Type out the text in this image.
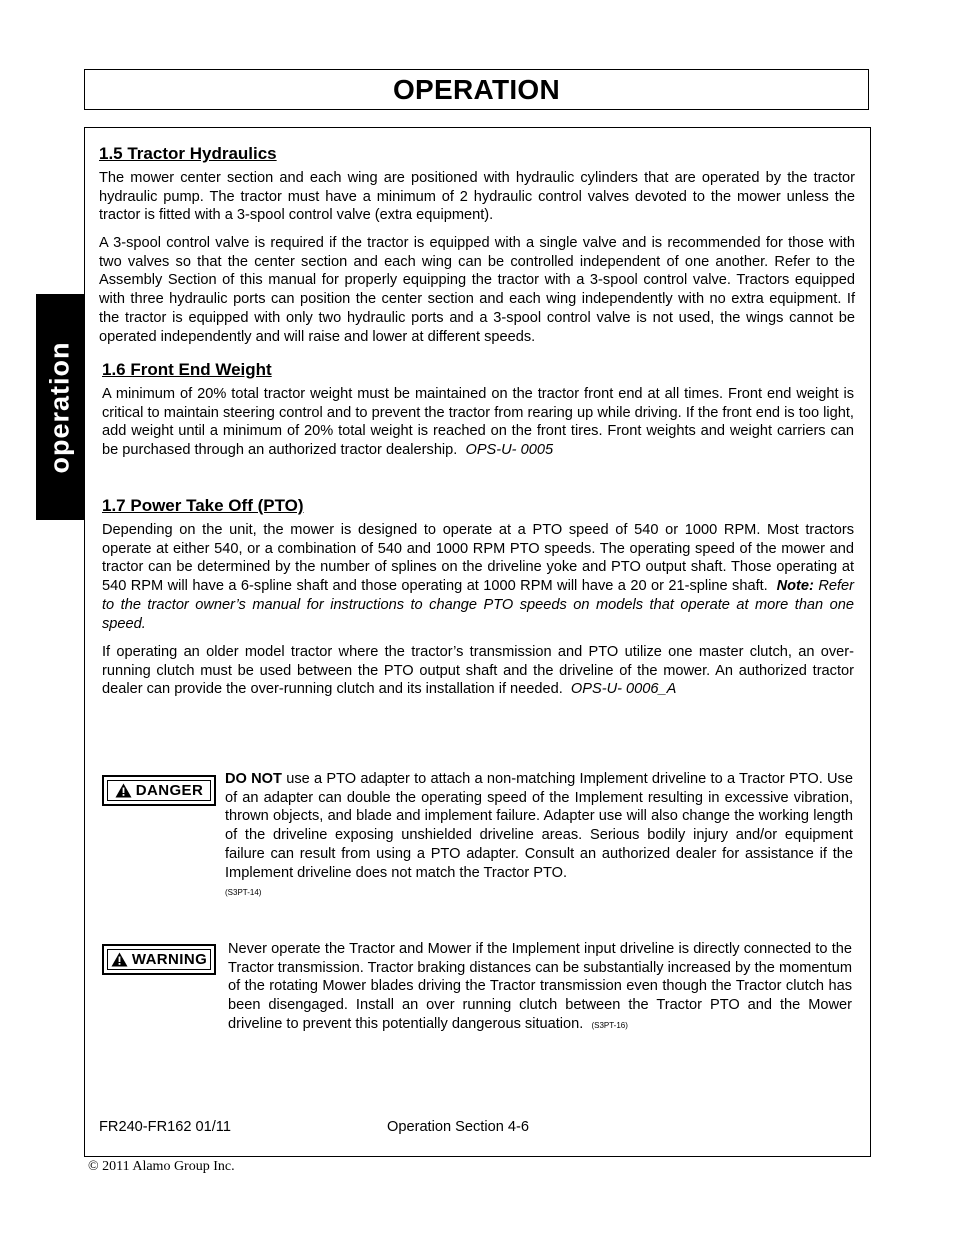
OPERATION
operation
1.5 Tractor Hydraulics

The mower center section and each wing are positioned with hydraulic cylinders that are operated by the tractor hydraulic pump. The tractor must have a minimum of 2 hydraulic control valves devoted to the mower unless the tractor is fitted with a 3-spool control valve (extra equipment).

A 3-spool control valve is required if the tractor is equipped with a single valve and is recommended for those with two valves so that the center section and each wing can be controlled independent of one another. Refer to the Assembly Section of this manual for properly equipping the tractor with a 3-spool control valve. Tractors equipped with three hydraulic ports can position the center section and each wing independently with no extra equipment. If the tractor is equipped with only two hydraulic ports and a 3-spool control valve is not used, the wings cannot be operated independently and will raise and lower at different speeds.

1.6 Front End Weight

A minimum of 20% total tractor weight must be maintained on the tractor front end at all times. Front end weight is critical to maintain steering control and to prevent the tractor from rearing up while driving. If the front end is too light, add weight until a minimum of 20% total weight is reached on the front tires. Front weights and weight carriers can be purchased through an authorized tractor dealership. OPS-U- 0005

1.7 Power Take Off (PTO)

Depending on the unit, the mower is designed to operate at a PTO speed of 540 or 1000 RPM. Most tractors operate at either 540, or a combination of 540 and 1000 RPM PTO speeds. The operating speed of the mower and tractor can be determined by the number of splines on the driveline yoke and PTO output shaft. Those operating at 540 RPM will have a 6-spline shaft and those operating at 1000 RPM will have a 20 or 21-spline shaft. Note: Refer to the tractor owner’s manual for instructions to change PTO speeds on models that operate at more than one speed.

If operating an older model tractor where the tractor’s transmission and PTO utilize one master clutch, an over-running clutch must be used between the PTO output shaft and the driveline of the mower. An authorized tractor dealer can provide the over-running clutch and its installation if needed. OPS-U- 0006_A

DANGER

DO NOT use a PTO adapter to attach a non-matching Implement driveline to a Tractor PTO. Use of an adapter can double the operating speed of the Implement resulting in excessive vibration, thrown objects, and blade and implement failure. Adapter use will also change the working length of the driveline exposing unshielded driveline areas. Serious bodily injury and/or equipment failure can result from using a PTO adapter. Consult an authorized dealer for assistance if the Implement driveline does not match the Tractor PTO.
(S3PT-14)

WARNING

Never operate the Tractor and Mower if the Implement input driveline is directly connected to the Tractor transmission. Tractor braking distances can be substantially increased by the momentum of the rotating Mower blades driving the Tractor transmission even though the Tractor clutch has been disengaged. Install an over running clutch between the Tractor PTO and the Mower driveline to prevent this potentially dangerous situation. (S3PT-16)

FR240-FR162 01/11	Operation Section 4-6
© 2011 Alamo Group Inc.
